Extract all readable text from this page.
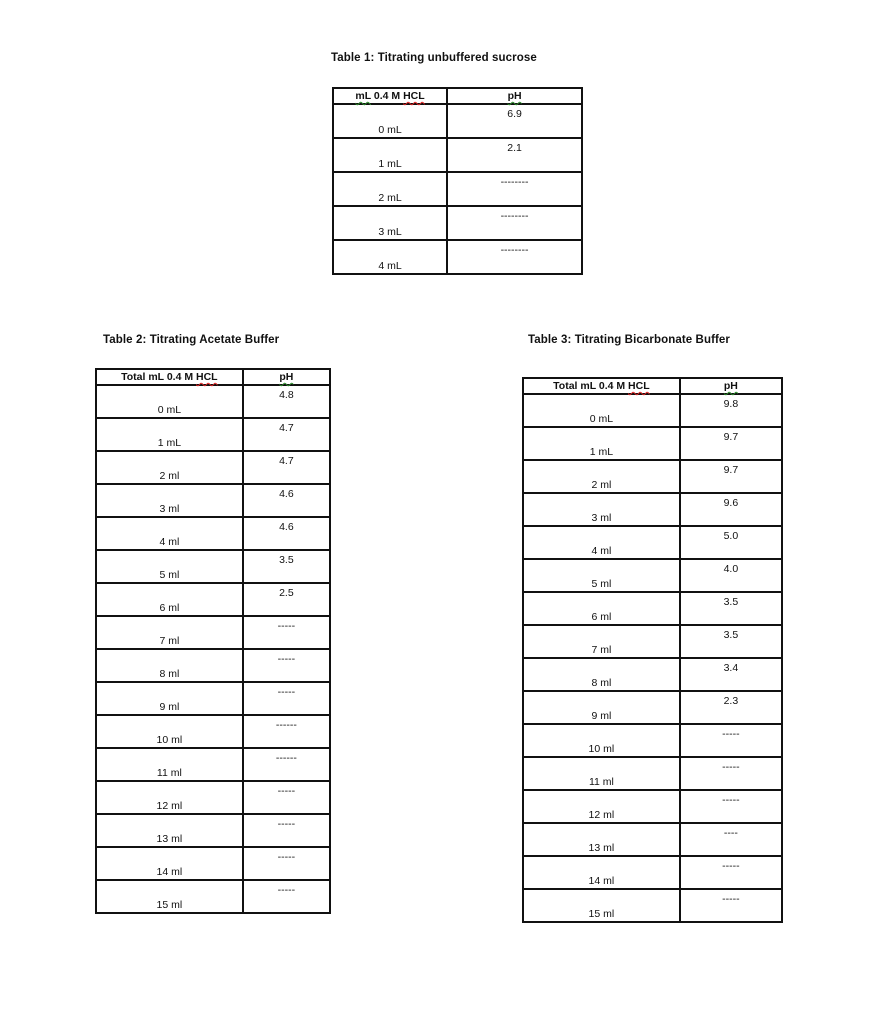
Table 1: Titrating unbuffered sucrose
mL 0.4 M HCL	pH

0 mL	6.9

1 mL	2.1

2 mL	--------

3 mL	--------

4 mL	--------
Table 2: Titrating Acetate Buffer
Total mL 0.4 M HCL	pH

0 mL	4.8

1 mL	4.7

2 ml	4.7

3 ml	4.6

4 ml	4.6

5 ml	3.5

6 ml	2.5

7 ml	-----

8 ml	-----

9 ml	-----

10 ml	------

11 ml	------

12 ml	-----

13 ml	-----

14 ml	-----

15 ml	-----
Table 3: Titrating Bicarbonate Buffer
Total mL 0.4 M HCL	pH

0 mL	9.8

1 mL	9.7

2 ml	9.7

3 ml	9.6

4 ml	5.0

5 ml	4.0

6 ml	3.5

7 ml	3.5

8 ml	3.4

9 ml	2.3

10 ml	-----

11 ml	-----

12 ml	-----

13 ml	----

14 ml	-----

15 ml	-----
